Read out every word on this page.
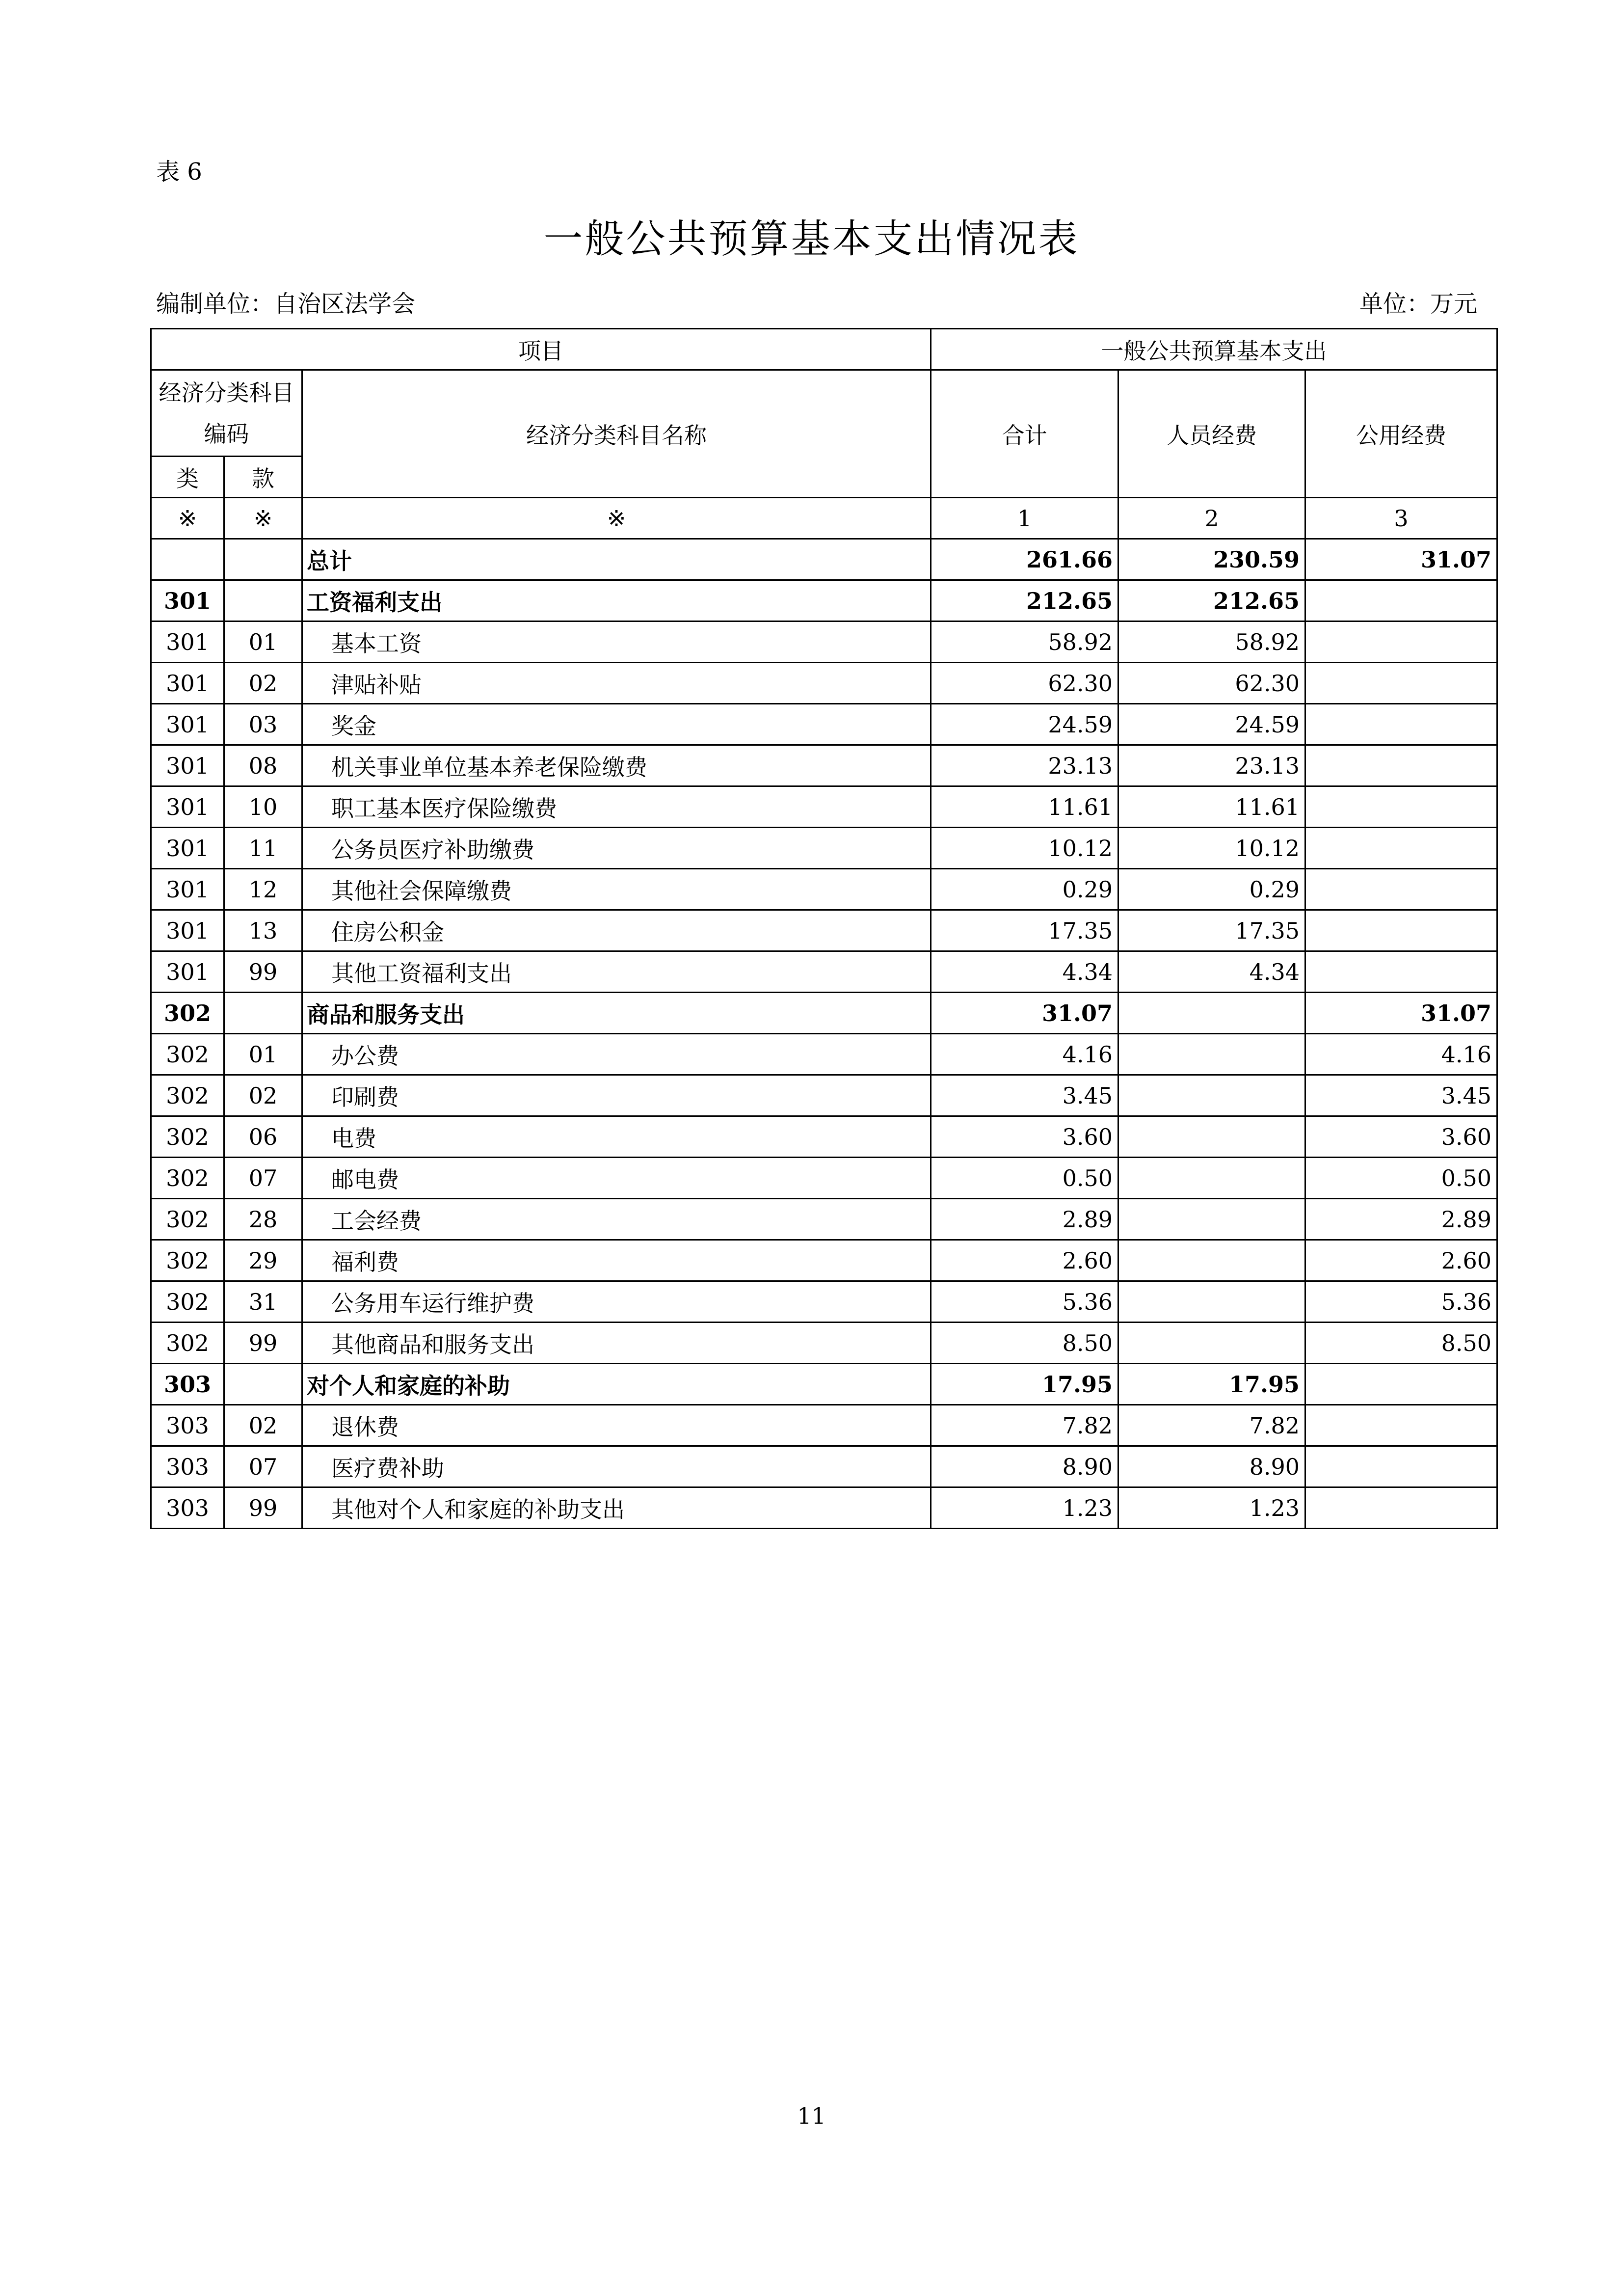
表 6
一般公共预算基本支出情况表
编制单位：自治区法学会	单位：万元
项目			一般公共预算基本支出		
经济分类科目编码		经济分类科目名称	合计	人员经费	公用经费
类	款				
※	※	※	1	2	3
		总计	261.66	230.59	31.07
301		工资福利支出	212.65	212.65	
301	01	基本工资	58.92	58.92	
301	02	津贴补贴	62.30	62.30	
301	03	奖金	24.59	24.59	
301	08	机关事业单位基本养老保险缴费	23.13	23.13	
301	10	职工基本医疗保险缴费	11.61	11.61	
301	11	公务员医疗补助缴费	10.12	10.12	
301	12	其他社会保障缴费	0.29	0.29	
301	13	住房公积金	17.35	17.35	
301	99	其他工资福利支出	4.34	4.34	
302		商品和服务支出	31.07		31.07
302	01	办公费	4.16		4.16
302	02	印刷费	3.45		3.45
302	06	电费	3.60		3.60
302	07	邮电费	0.50		0.50
302	28	工会经费	2.89		2.89
302	29	福利费	2.60		2.60
302	31	公务用车运行维护费	5.36		5.36
302	99	其他商品和服务支出	8.50		8.50
303		对个人和家庭的补助	17.95	17.95	
303	02	退休费	7.82	7.82	
303	07	医疗费补助	8.90	8.90	
303	99	其他对个人和家庭的补助支出	1.23	1.23	
11
